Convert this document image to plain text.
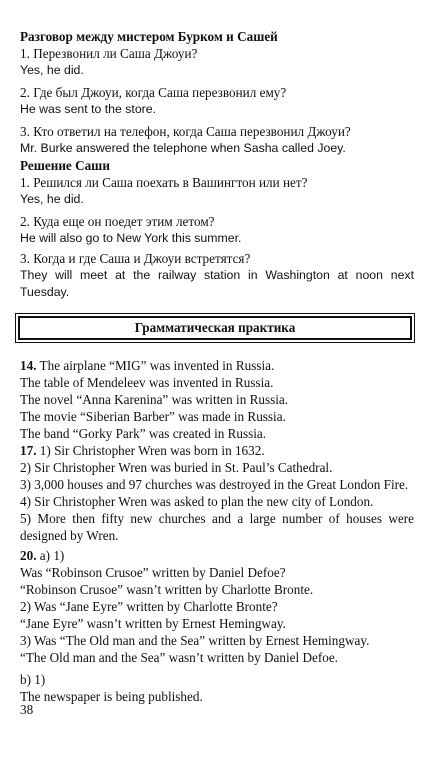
Разговор между мистером Бурком и Сашей
1. Перезвонил ли Саша Джоуи?
Yes, he did.
2. Где был Джоуи, когда Саша перезвонил ему?
He was sent to the store.
3. Кто ответил на телефон, когда Саша перезвонил Джоуи?
Mr. Burke answered the telephone when Sasha called Joey.
Решение Саши
1. Решился ли Саша поехать в Вашингтон или нет?
Yes, he did.
2. Куда еще он поедет этим летом?
He will also go to New York this summer.
3. Когда и где Саша и Джоуи встретятся?
They will meet at the railway station in Washington at noon next Tuesday.
Грамматическая практика
14. The airplane “MIG” was invented in Russia.
The table of Mendeleev was invented in Russia.
The novel “Anna Karenina” was written in Russia.
The movie “Siberian Barber” was made in Russia.
The band “Gorky Park” was created in Russia.
17. 1) Sir Christopher Wren was born in 1632.
2) Sir Christopher Wren was buried in St. Paul’s Cathedral.
3) 3,000 houses and 97 churches was destroyed in the Great London Fire.
4) Sir Christopher Wren was asked to plan the new city of London.
5) More then fifty new churches and a large number of houses were designed by Wren.
20. а) 1)
Was “Robinson Crusoe” written by Daniel Defoe?
“Robinson Crusoe” wasn’t written by Charlotte Bronte.
2) Was “Jane Eyre” written by Charlotte Bronte?
“Jane Eyre” wasn’t written by Ernest Hemingway.
3) Was “The Old man and the Sea” written by Ernest Hemingway.
“The Old man and the Sea” wasn’t written by Daniel Defoe.
b) 1)
The newspaper is being published.
38
